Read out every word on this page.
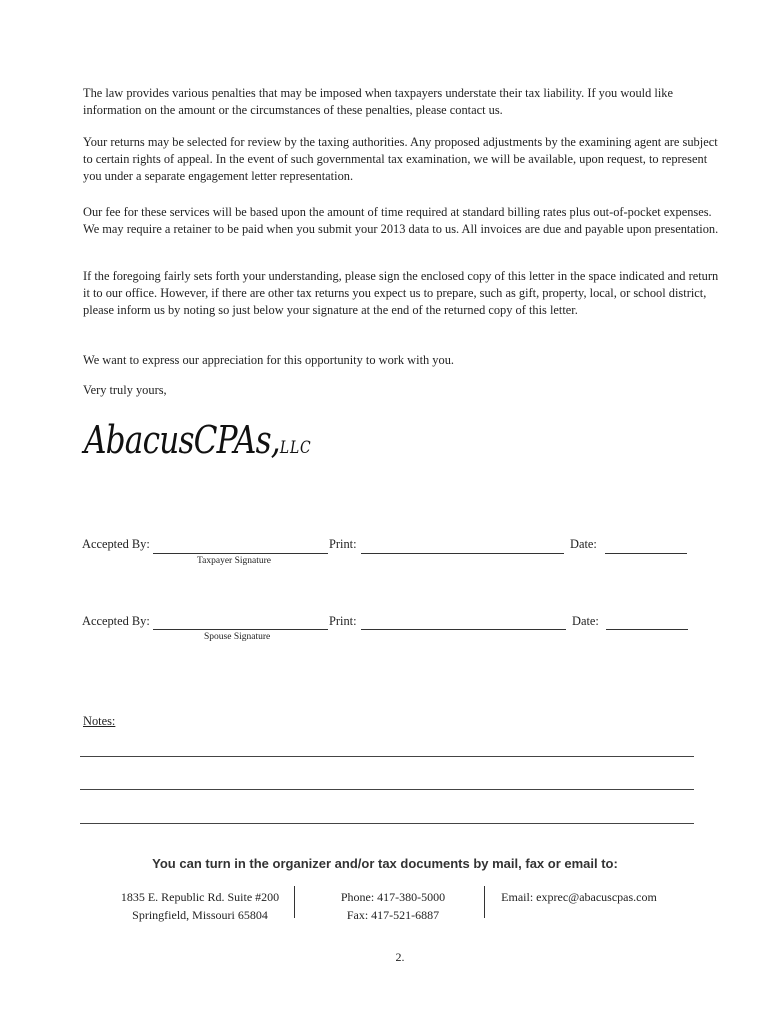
The law provides various penalties that may be imposed when taxpayers understate their tax liability. If you would like information on the amount or the circumstances of these penalties, please contact us.

Your returns may be selected for review by the taxing authorities. Any proposed adjustments by the examining agent are subject to certain rights of appeal. In the event of such governmental tax examination, we will be available, upon request, to represent you under a separate engagement letter representation.

Our fee for these services will be based upon the amount of time required at standard billing rates plus out-of-pocket expenses. We may require a retainer to be paid when you submit your 2013 data to us. All invoices are due and payable upon presentation.

If the foregoing fairly sets forth your understanding, please sign the enclosed copy of this letter in the space indicated and return it to our office. However, if there are other tax returns you expect us to prepare, such as gift, property, local, or school district, please inform us by noting so just below your signature at the end of the returned copy of this letter.

We want to express our appreciation for this opportunity to work with you.

Very truly yours,

AbacusCPAs,LLC
Accepted By:
Taxpayer Signature
Print:	Date:
Accepted By:
Spouse Signature
Print:	Date:
Notes:
You can turn in the organizer and/or tax documents by mail, fax or email to:
1835 E. Republic Rd. Suite #200
Springfield, Missouri 65804
Phone: 417-380-5000
Fax: 417-521-6887
Email: exprec@abacuscpas.com
2.
